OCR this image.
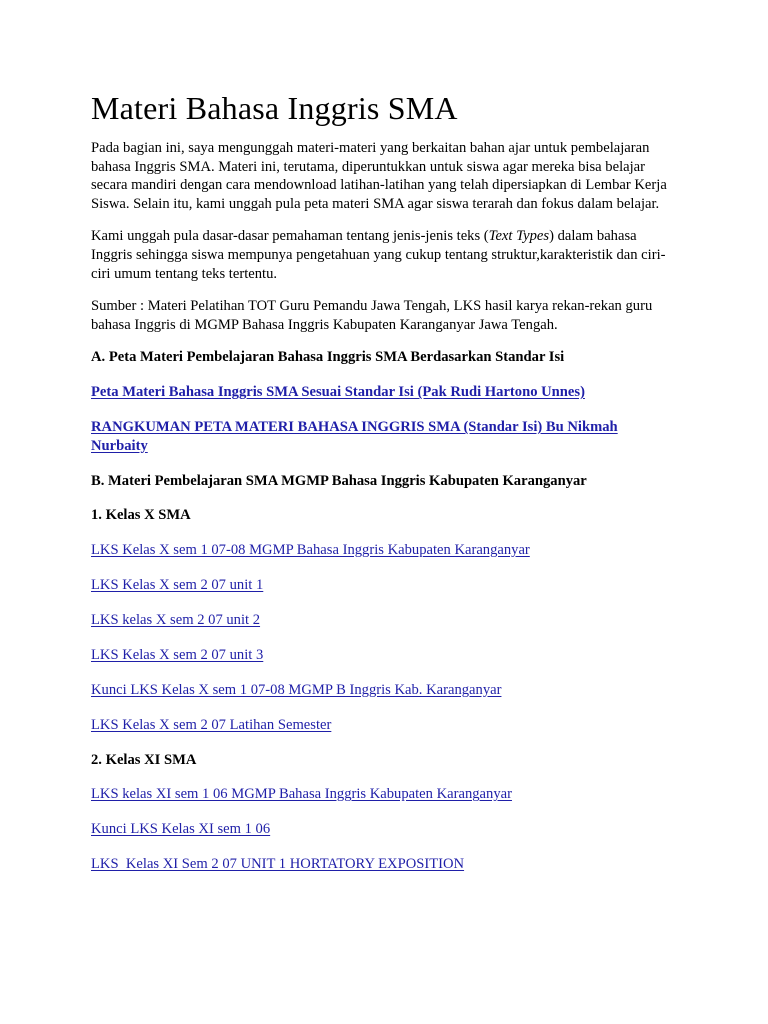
Materi Bahasa Inggris SMA

Pada bagian ini, saya mengunggah materi-materi yang berkaitan bahan ajar untuk pembelajaran bahasa Inggris SMA. Materi ini, terutama, diperuntukkan untuk siswa agar mereka bisa belajar secara mandiri dengan cara mendownload latihan-latihan yang telah dipersiapkan di Lembar Kerja Siswa. Selain itu, kami unggah pula peta materi SMA agar siswa terarah dan fokus dalam belajar.

Kami unggah pula dasar-dasar pemahaman tentang jenis-jenis teks (Text Types) dalam bahasa Inggris sehingga siswa mempunya pengetahuan yang cukup tentang struktur,karakteristik dan ciri-ciri umum tentang teks tertentu.

Sumber : Materi Pelatihan TOT Guru Pemandu Jawa Tengah, LKS hasil karya rekan-rekan guru bahasa Inggris di MGMP Bahasa Inggris Kabupaten Karanganyar Jawa Tengah.

A. Peta Materi Pembelajaran Bahasa Inggris SMA Berdasarkan Standar Isi
Peta Materi Bahasa Inggris SMA Sesuai Standar Isi (Pak Rudi Hartono Unnes)
RANGKUMAN PETA MATERI BAHASA INGGRIS SMA (Standar Isi) Bu Nikmah Nurbaity
B. Materi Pembelajaran SMA MGMP Bahasa Inggris Kabupaten Karanganyar
1. Kelas X SMA
LKS Kelas X sem 1 07-08 MGMP Bahasa Inggris Kabupaten Karanganyar
LKS Kelas X sem 2 07 unit 1
LKS kelas X sem 2 07 unit 2
LKS Kelas X sem 2 07 unit 3
Kunci LKS Kelas X sem 1 07-08 MGMP B Inggris Kab. Karanganyar
LKS Kelas X sem 2 07 Latihan Semester
2. Kelas XI SMA
LKS kelas XI sem 1 06 MGMP Bahasa Inggris Kabupaten Karanganyar
Kunci LKS Kelas XI sem 1 06
LKS  Kelas XI Sem 2 07 UNIT 1 HORTATORY EXPOSITION
